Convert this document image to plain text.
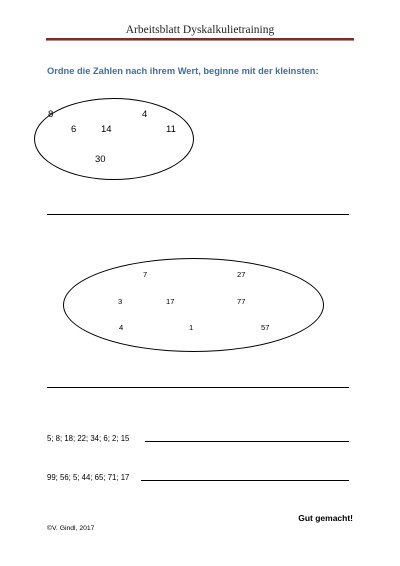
Arbeitsblatt Dyskalkulietraining
Ordne die Zahlen nach ihrem Wert, beginne mit der kleinsten:
8	4
6	14	11
30
7	27
3	17	77
4	1	57
5; 8; 18; 22; 34; 6; 2; 15
99; 56; 5; 44; 65; 71; 17
Gut gemacht!
©V. Gindl, 2017
